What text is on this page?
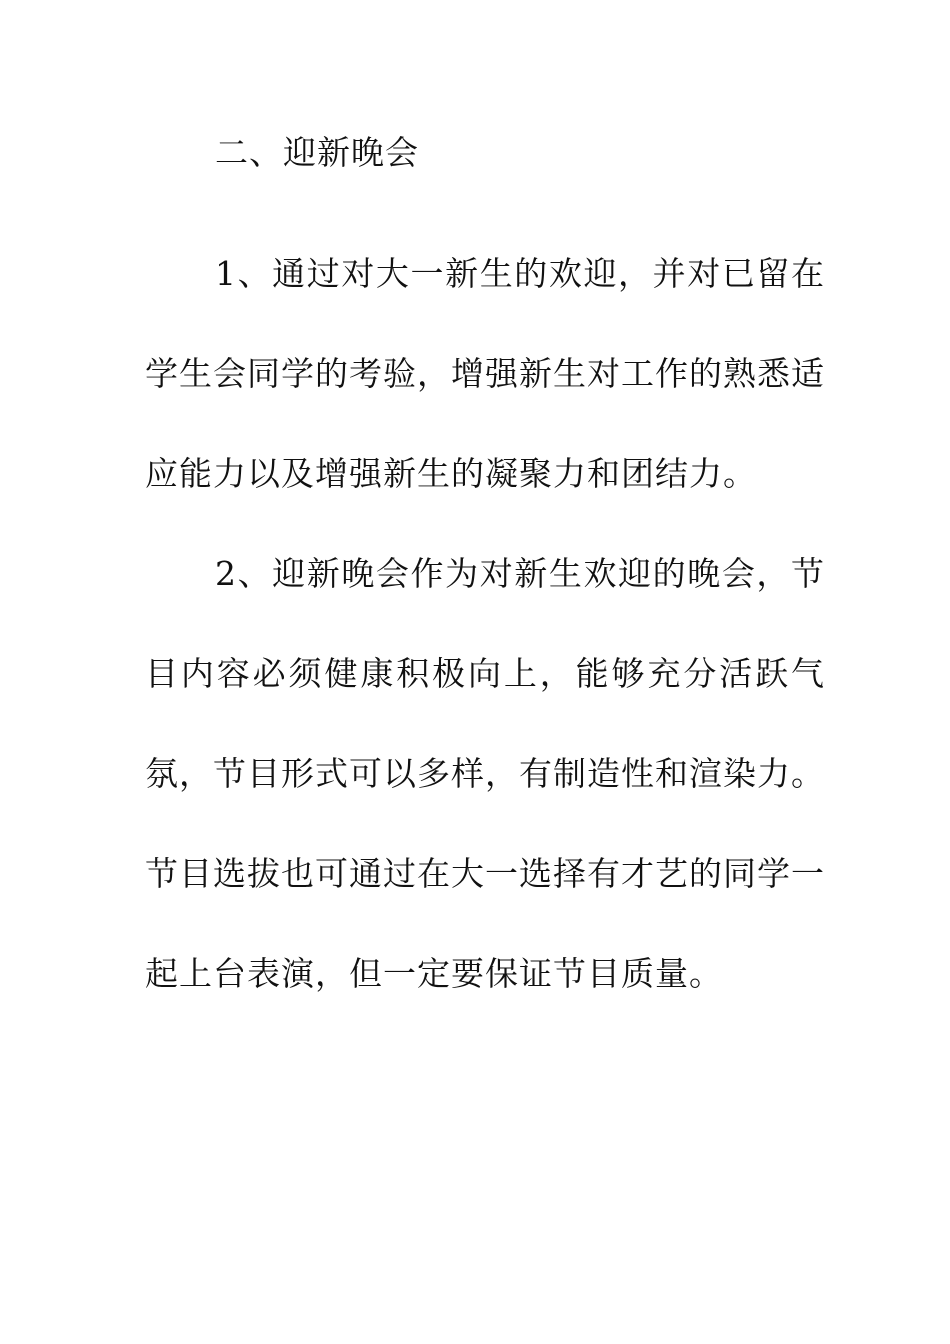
二、迎新晚会

1、通过对大一新生的欢迎，并对已留在学生会同学的考验，增强新生对工作的熟悉适应能力以及增强新生的凝聚力和团结力。

2、迎新晚会作为对新生欢迎的晚会，节目内容必须健康积极向上，能够充分活跃气氛，节目形式可以多样，有制造性和渲染力。节目选拔也可通过在大一选择有才艺的同学一起上台表演，但一定要保证节目质量。
